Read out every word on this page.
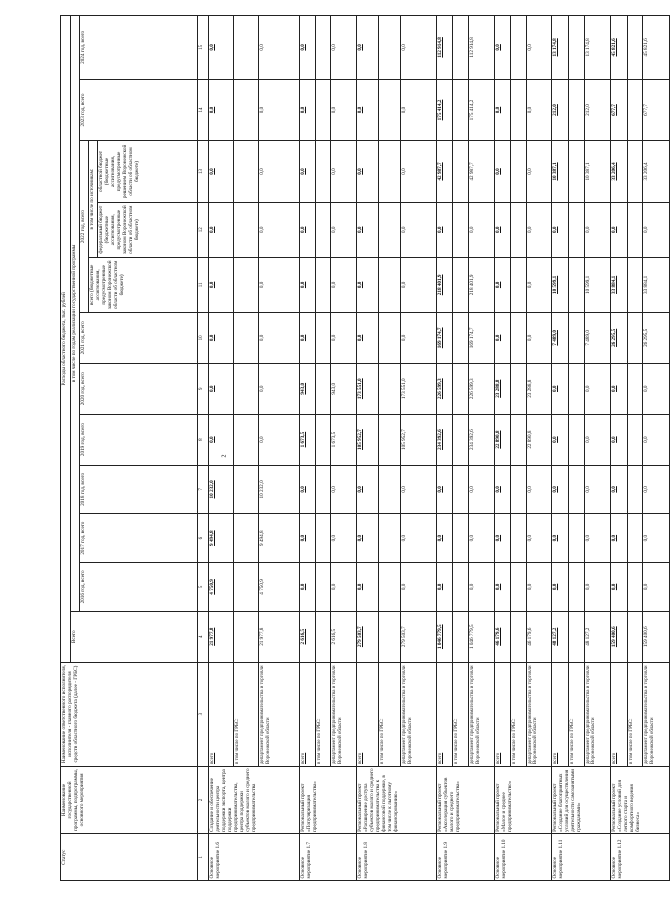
2
Статус	Наименование государственной программы, подпрограммы, основного мероприятия	Наименование ответственного исполнителя, исполнителя - главного распорядителя средств областного бюджета (далее - ГРБС)	Расходы областного бюджета, тыс. рублей											
			Всего	в том числе по годам реализации государственной программы										
				2016 год, всего	2017 год, всего	2018 год, всего	2019 год, всего	2020 год, всего	2021 год, всего	2022 год, всего			2023 год, всего	2024 год, всего
										всего (бюджетные ассигнования, предусмотренные законом Воронежской области об областном бюджете)	в том числе по источникам:			
											федеральный бюджет (бюджетные ассигнования, предусмотренные законом Воронежской области об областном бюджете)	областной бюджет (бюджетные ассигнования, предусмотренные решением Воронежской области об областном бюджете)		
1	2	3	4	5	6	7	8	9	10	11	12	13	14	15
Основное мероприятие 1.6	Создание и обеспечение деятельности центра поддержки экспорта, центра поддержки предпринимательства, центра поддержки субъектов малого и среднего предпринимательства	всего	21 977,8	4 750,9	9 494,8	10 232,0	0,0	0,0	0,0	0,0	0,0	0,0	0,0	0,0
		в том числе по ГРБС:												
		департамент предпринимательства и торговли Воронежской области	21 977,8	4 750,9	9 494,8	10 232,0	0,0	0,0	0,0	0,0	0,0	0,0	0,0	0,0
Основное мероприятие 1.7	Региональный проект «Популяризация предпринимательства»	всего	2 616,5	0,0	0,0	0,0	1 673,5	943,0	0,0	0,0	0,0	0,0	0,0	0,0
		в том числе по ГРБС:												
		департамент предпринимательства и торговли Воронежской области	2 616,5	0,0	0,0	0,0	1 673,5	943,0	0,0	0,0	0,0	0,0	0,0	0,0
Основное мероприятие 1.8	Региональный проект «Расширение доступа субъектов малого и среднего предпринимательства к финансовой поддержке, в том числе к льготному финансированию»	всего	279 503,7	0,0	0,0	0,0	105 952,7	173 551,0	0,0	0,0	0,0	0,0	0,0	0,0
		в том числе по ГРБС:												
		департамент предпринимательства и торговли Воронежской области	279 503,7	0,0	0,0	0,0	105 952,7	173 551,0	0,0	0,0	0,0	0,0	0,0	0,0
Основное мероприятие 1.9	Региональный проект «Акселерация субъектов малого и среднего предпринимательства»	всего	1 046 779,5	0,0	0,0	0,0	234 392,6	226 599,3	169 174,7	218 401,9	0,0	42 987,7	175 414,2	112 914,8
		в том числе по ГРБС:												
		департамент предпринимательства и торговли Воронежской области	1 046 779,5	0,0	0,0	0,0	234 392,6	226 599,3	169 174,7	218 401,9	0,0	42 987,7	175 414,2	112 914,8
Основное мероприятие 1.10	Региональный проект «Малое и среднее предпринимательство»	всего	46 179,6	0,0	0,0	0,0	22 890,8	23 288,8	0,0	0,0	0,0	0,0	0,0	0,0
		в том числе по ГРБС:												
		департамент предпринимательства и торговли Воронежской области	46 179,6	0,0	0,0	0,0	22 890,8	23 288,8	0,0	0,0	0,0	0,0	0,0	0,0
Основное мероприятие 1.11	Региональный проект «Создание благоприятных условий для осуществления деятельности самозанятыми гражданами»	всего	48 127,2	0,0	0,0	0,0	0,0	0,0	7 489,0	10 599,1	0,0	10 387,1	212,0	13 174,8
		в том числе по ГРБС:												
		департамент предпринимательства и торговли Воронежской области	48 127,2	0,0	0,0	0,0	0,0	0,0	7 489,0	10 599,1	0,0	10 387,1	212,0	13 174,8
Основное мероприятие 1.12	Региональный проект «Создание условий для легкого старта и комфортного ведения бизнеса»	всего	159 400,6	0,0	0,0	0,0	0,0	0,0	26 295,5	33 884,1	0,0	33 206,4	677,7	45 821,6
		в том числе по ГРБС:												
		департамент предпринимательства и торговли Воронежской области	159 400,6	0,0	0,0	0,0	0,0	0,0	26 295,5	33 884,1	0,0	33 206,4	677,7	45 821,6
